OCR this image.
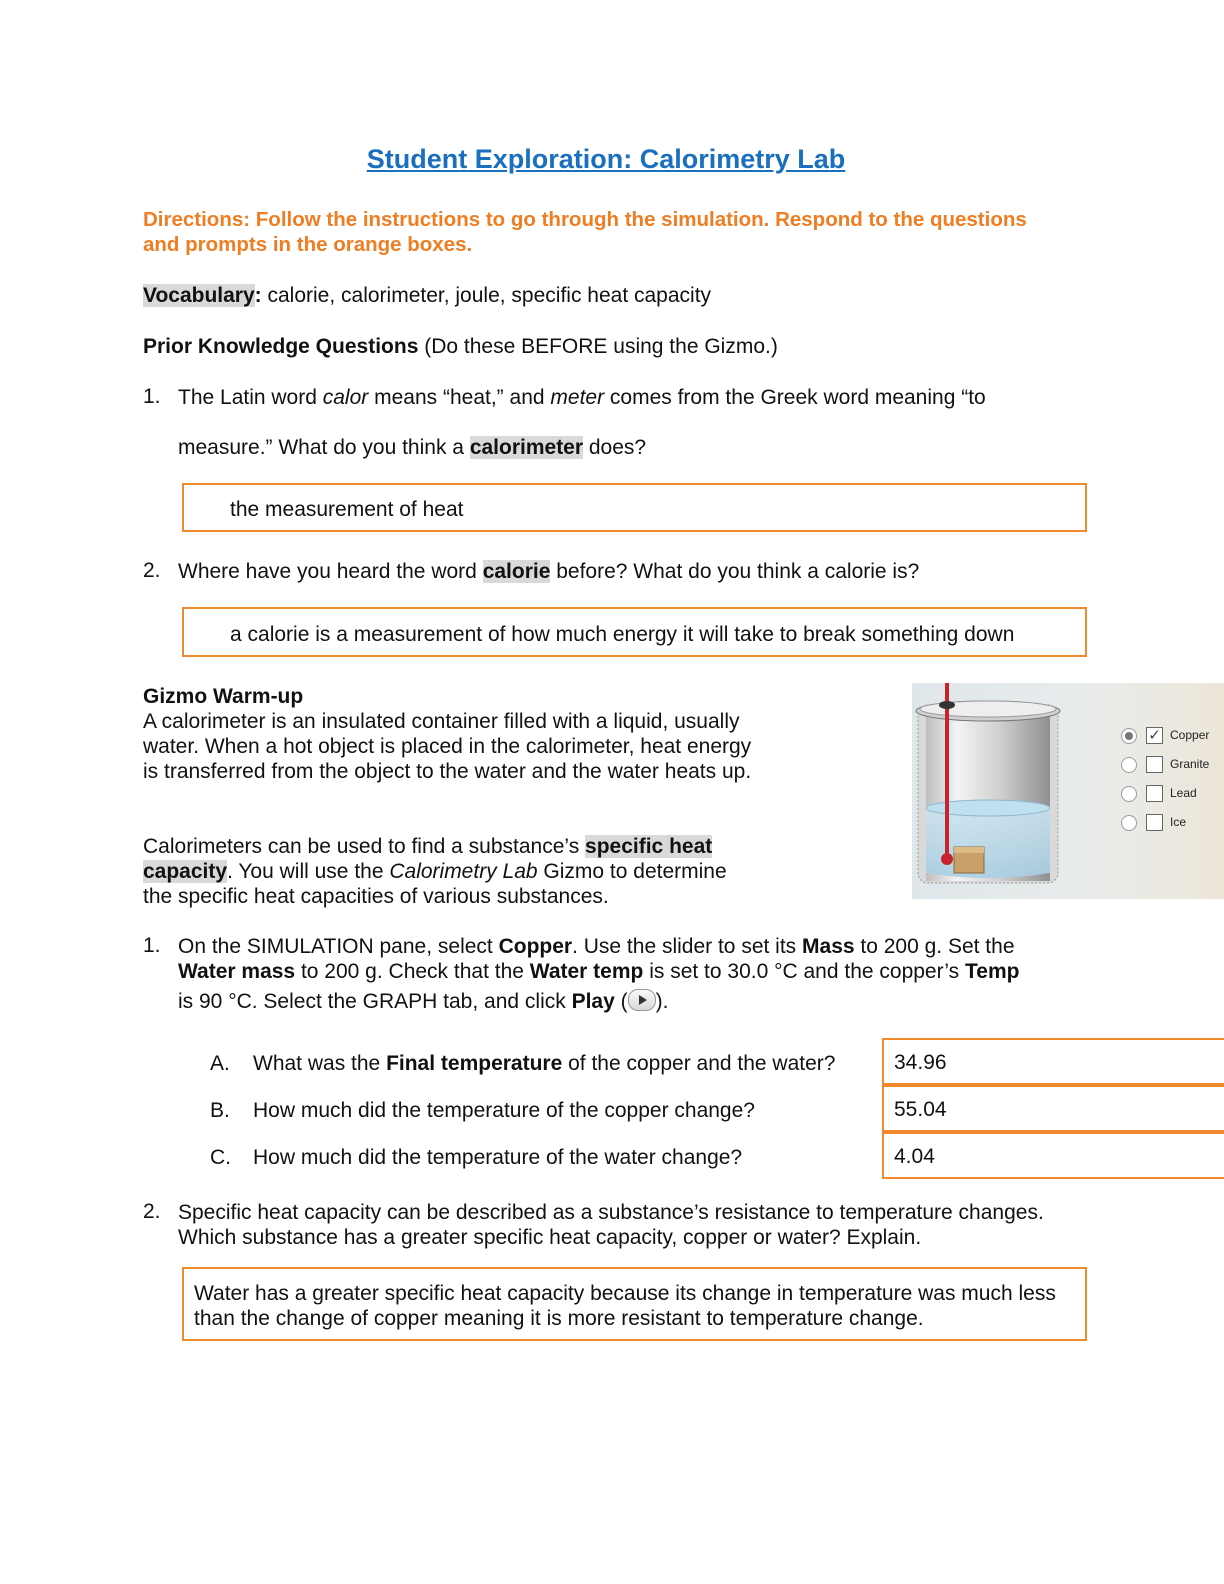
Student Exploration: Calorimetry Lab
Directions: Follow the instructions to go through the simulation. Respond to the questions and prompts in the orange boxes.
Vocabulary: calorie, calorimeter, joule, specific heat capacity
Prior Knowledge Questions (Do these BEFORE using the Gizmo.)
1. The Latin word calor means “heat,” and meter comes from the Greek word meaning “to
measure.” What do you think a calorimeter does?
the measurement of heat
2. Where have you heard the word calorie before? What do you think a calorie is?
a calorie is a measurement of how much energy it will take to break something down
Gizmo Warm-up
A calorimeter is an insulated container filled with a liquid, usually water. When a hot object is placed in the calorimeter, heat energy is transferred from the object to the water and the water heats up.
Calorimeters can be used to find a substance’s specific heat capacity. You will use the Calorimetry Lab Gizmo to determine the specific heat capacities of various substances.
✓ Copper
Granite
Lead
Ice
1. On the SIMULATION pane, select Copper. Use the slider to set its Mass to 200 g. Set the
Water mass to 200 g. Check that the Water temp is set to 30.0 °C and the copper’s Temp
is 90 °C. Select the GRAPH tab, and click Play ( ).
A. What was the Final temperature of the copper and the water?	34.96
B. How much did the temperature of the copper change?	55.04
C. How much did the temperature of the water change?	4.04
2. Specific heat capacity can be described as a substance’s resistance to temperature changes. Which substance has a greater specific heat capacity, copper or water? Explain.
Water has a greater specific heat capacity because its change in temperature was much less than the change of copper meaning it is more resistant to temperature change.
